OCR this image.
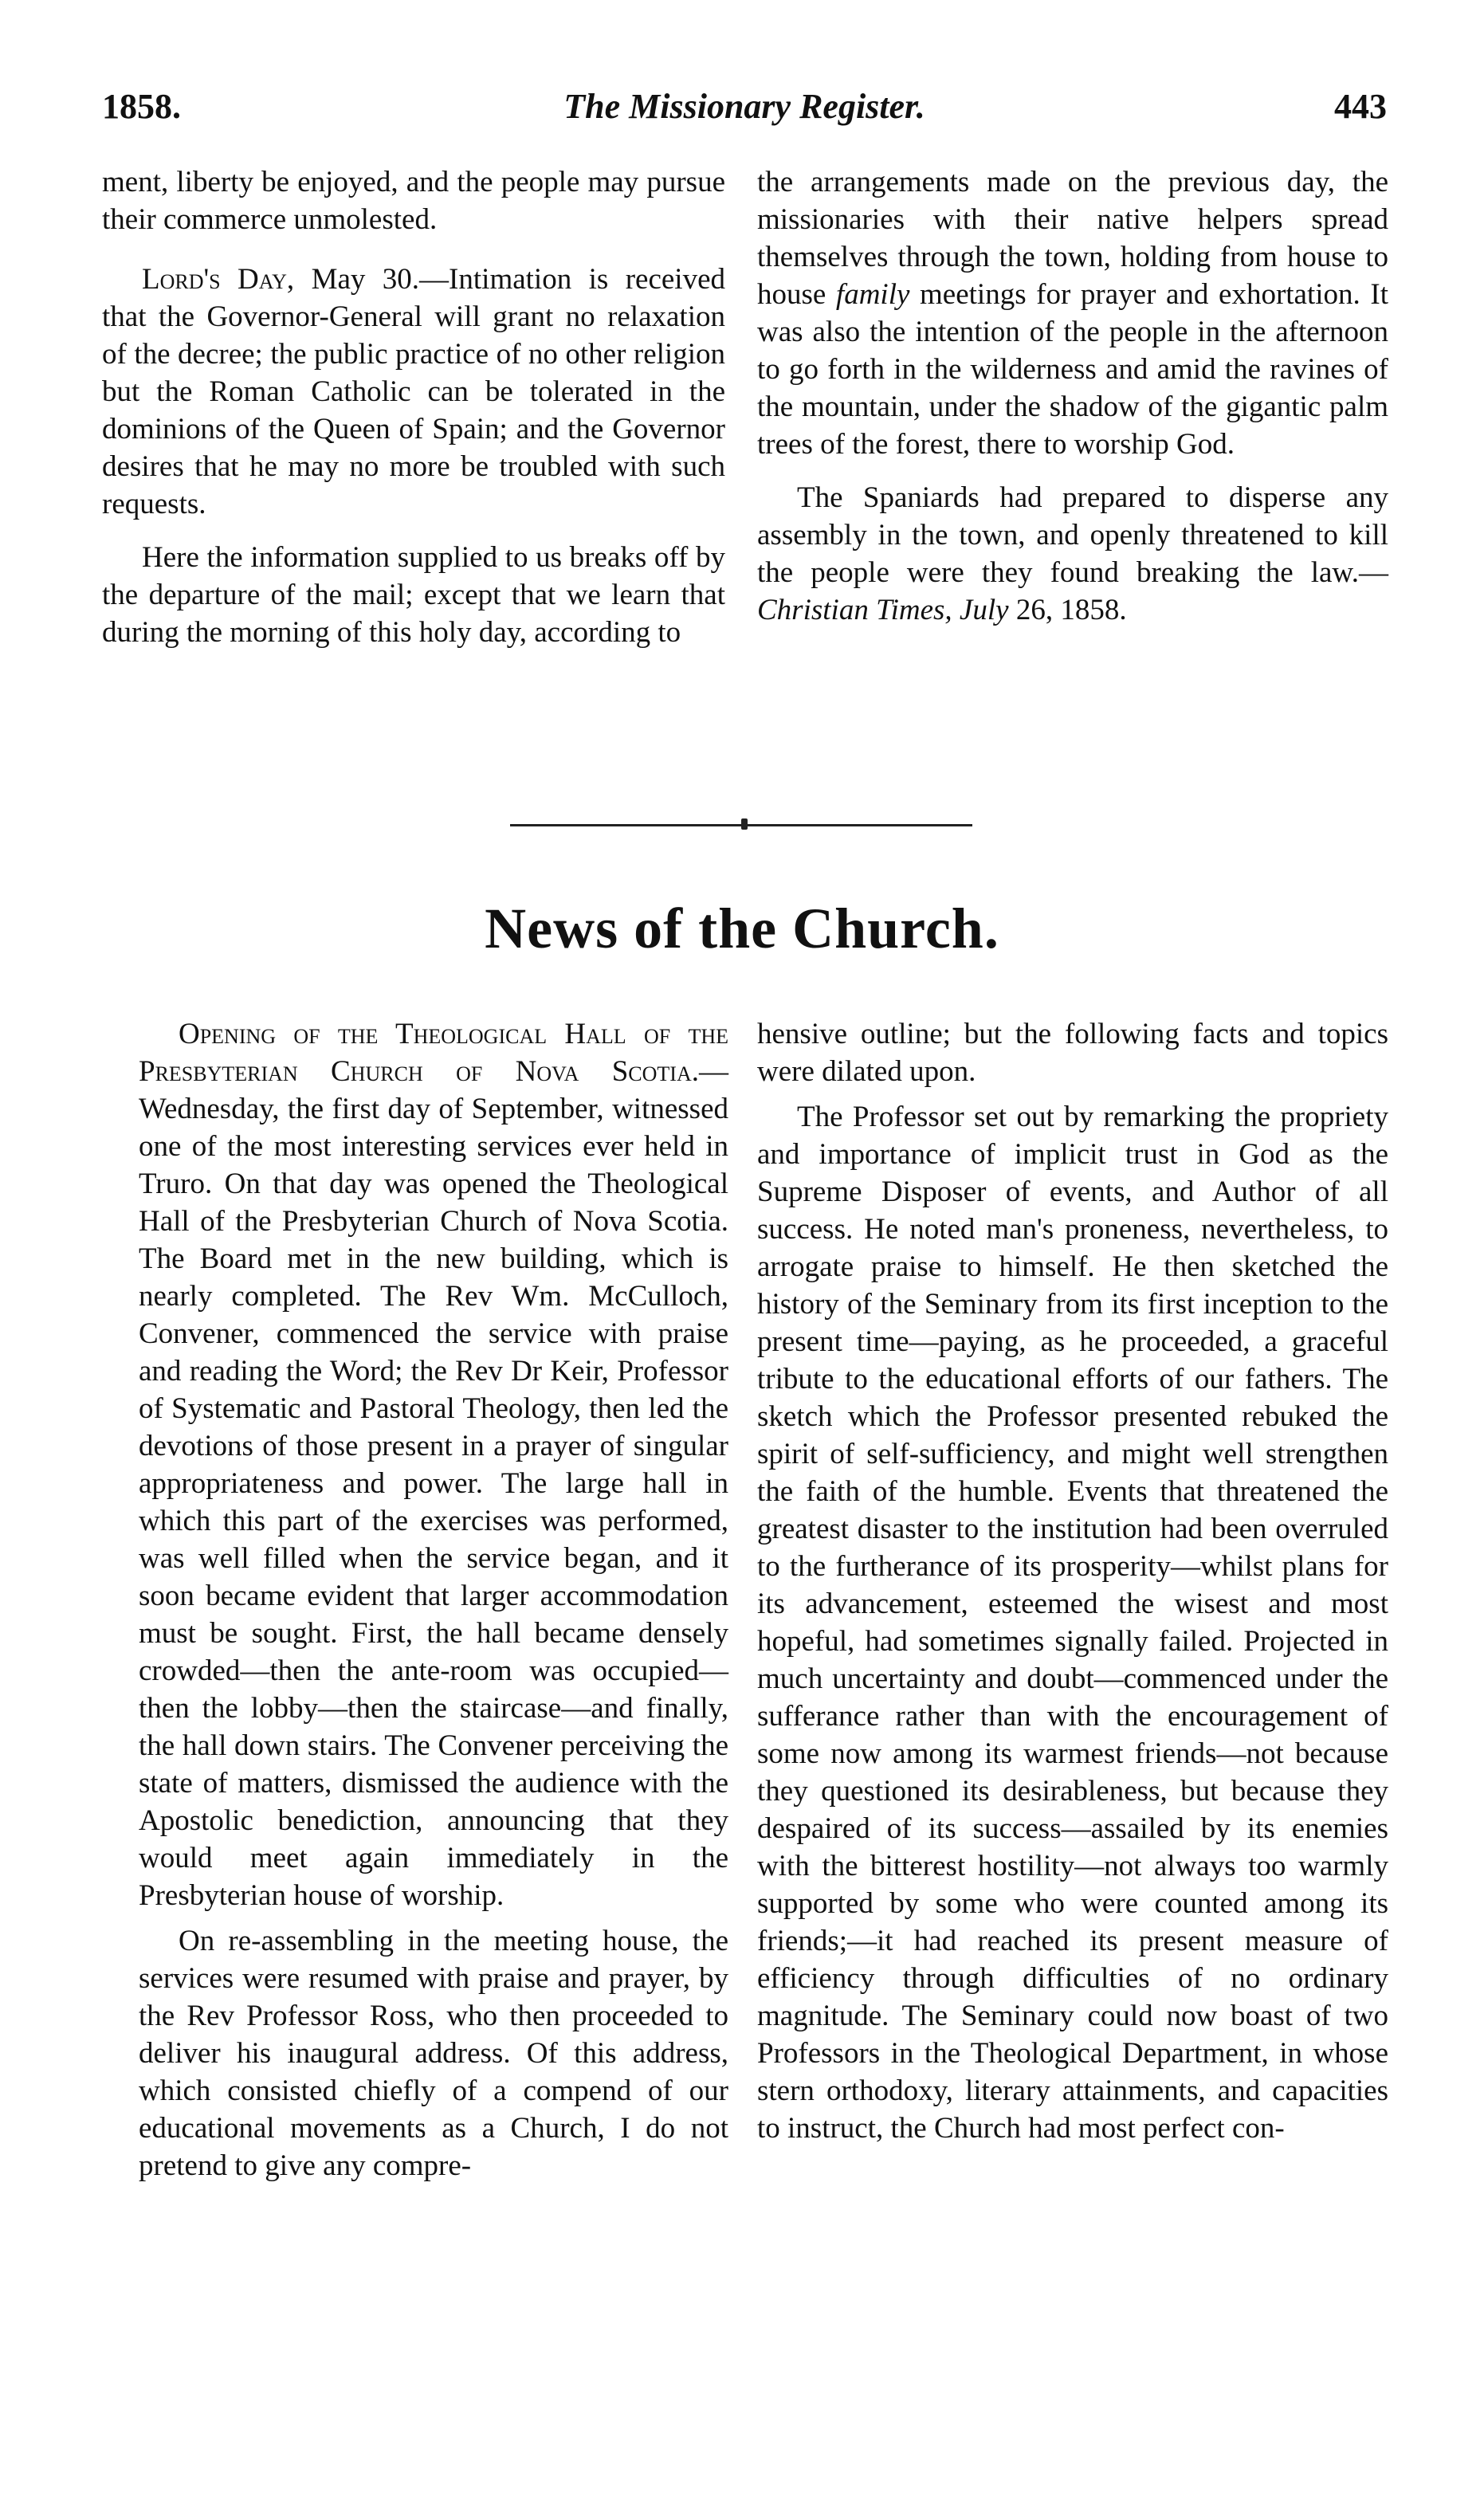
1858.	The Missionary Register.	443

ment, liberty be enjoyed, and the people may pursue their commerce unmolested.

Lord's Day, May 30.—Intimation is received that the Governor-General will grant no relaxation of the decree; the public practice of no other religion but the Roman Catholic can be tolerated in the dominions of the Queen of Spain; and the Governor desires that he may no more be troubled with such requests.

Here the information supplied to us breaks off by the departure of the mail; except that we learn that during the morning of this holy day, according to

the arrangements made on the previous day, the missionaries with their native helpers spread themselves through the town, holding from house to house family meetings for prayer and exhortation. It was also the intention of the people in the afternoon to go forth in the wilderness and amid the ravines of the mountain, under the shadow of the gigantic palm trees of the forest, there to worship God.

The Spaniards had prepared to disperse any assembly in the town, and openly threatened to kill the people were they found breaking the law.—Christian Times, July 26, 1858.

News of the Church.

Opening of the Theological Hall of the Presbyterian Church of Nova Scotia.—Wednesday, the first day of September, witnessed one of the most interesting services ever held in Truro. On that day was opened the Theological Hall of the Presbyterian Church of Nova Scotia. The Board met in the new building, which is nearly completed. The Rev Wm. McCulloch, Convener, commenced the service with praise and reading the Word; the Rev Dr Keir, Professor of Systematic and Pastoral Theology, then led the devotions of those present in a prayer of singular appropriateness and power. The large hall in which this part of the exercises was performed, was well filled when the service began, and it soon became evident that larger accommodation must be sought. First, the hall became densely crowded—then the ante-room was occupied—then the lobby—then the staircase—and finally, the hall down stairs. The Convener perceiving the state of matters, dismissed the audience with the Apostolic benediction, announcing that they would meet again immediately in the Presbyterian house of worship.

On re-assembling in the meeting house, the services were resumed with praise and prayer, by the Rev Professor Ross, who then proceeded to deliver his inaugural address. Of this address, which consisted chiefly of a compend of our educational movements as a Church, I do not pretend to give any compre-

hensive outline; but the following facts and topics were dilated upon.

The Professor set out by remarking the propriety and importance of implicit trust in God as the Supreme Disposer of events, and Author of all success. He noted man's proneness, nevertheless, to arrogate praise to himself. He then sketched the history of the Seminary from its first inception to the present time—paying, as he proceeded, a graceful tribute to the educational efforts of our fathers. The sketch which the Professor presented rebuked the spirit of self-sufficiency, and might well strengthen the faith of the humble. Events that threatened the greatest disaster to the institution had been overruled to the furtherance of its prosperity—whilst plans for its advancement, esteemed the wisest and most hopeful, had sometimes signally failed. Projected in much uncertainty and doubt—commenced under the sufferance rather than with the encouragement of some now among its warmest friends—not because they questioned its desirableness, but because they despaired of its success—assailed by its enemies with the bitterest hostility—not always too warmly supported by some who were counted among its friends;—it had reached its present measure of efficiency through difficulties of no ordinary magnitude. The Seminary could now boast of two Professors in the Theological Department, in whose stern orthodoxy, literary attainments, and capacities to instruct, the Church had most perfect con-
